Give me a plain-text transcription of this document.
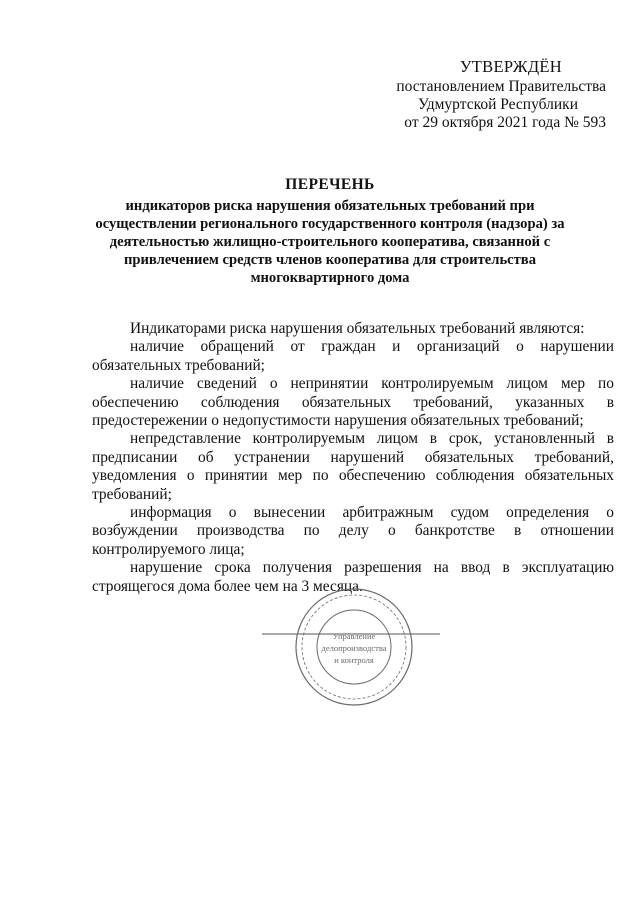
УТВЕРЖДЁН
постановлением Правительства
Удмуртской Республики
от 29 октября 2021 года № 593
ПЕРЕЧЕНЬ
индикаторов риска нарушения обязательных требований при
осуществлении регионального государственного контроля (надзора) за
деятельностью жилищно-строительного кооператива, связанной с
привлечением средств членов кооператива для строительства
многоквартирного дома

Индикаторами риска нарушения обязательных требований являются:

наличие обращений от граждан и организаций о нарушении обязательных требований;

наличие сведений о непринятии контролируемым лицом мер по обеспечению соблюдения обязательных требований, указанных в предостережении о недопустимости нарушения обязательных требований;

непредставление контролируемым лицом в срок, установленный в предписании об устранении нарушений обязательных требований, уведомления о принятии мер по обеспечению соблюдения обязательных требований;

информация о вынесении арбитражным судом определения о возбуждении производства по делу о банкротстве в отношении контролируемого лица;

нарушение срока получения разрешения на ввод в эксплуатацию строящегося дома более чем на 3 месяца.

Управление
делопроизводства
и контроля
